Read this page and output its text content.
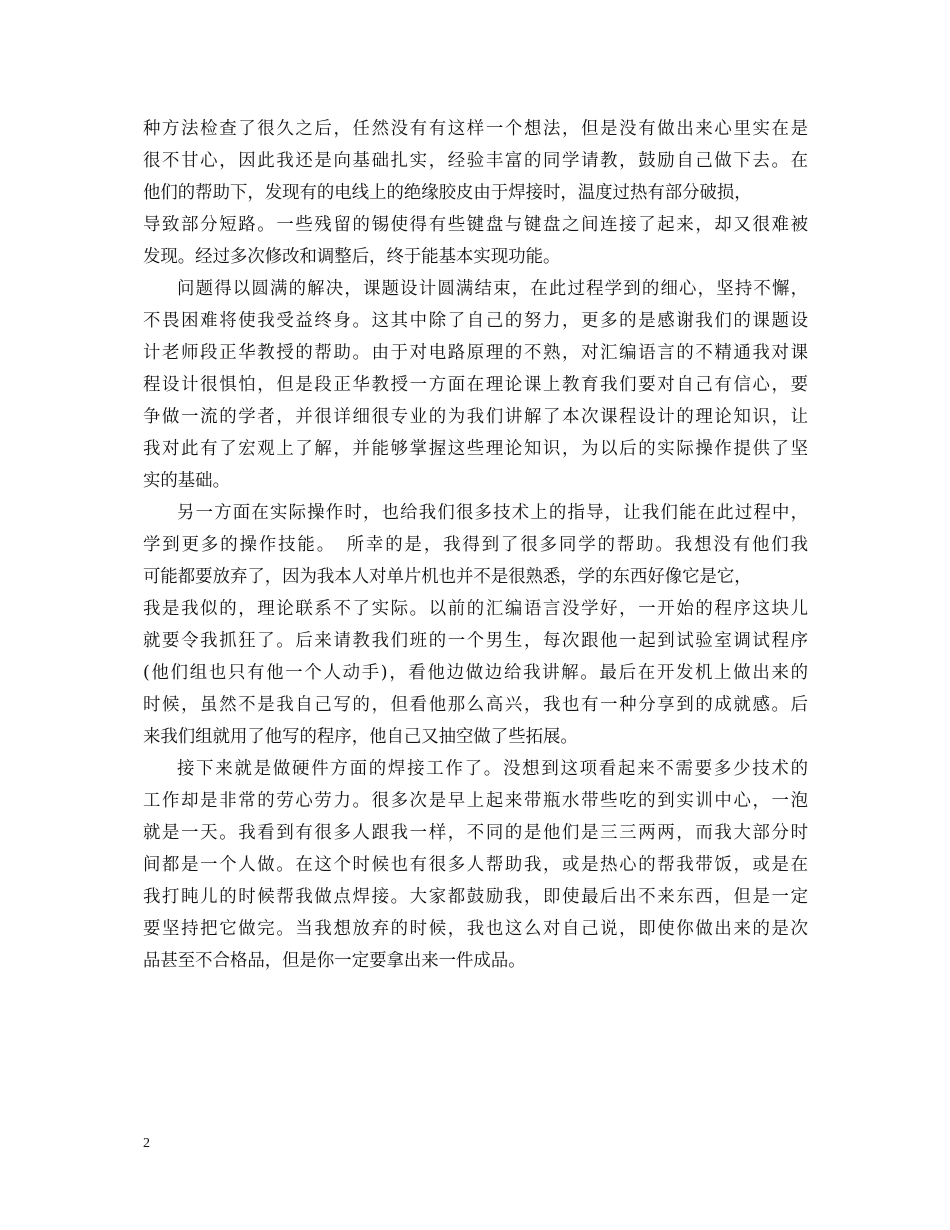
种方法检查了很久之后，任然没有有这样一个想法，但是没有做出来心里实在是
很不甘心，因此我还是向基础扎实，经验丰富的同学请教，鼓励自己做下去。在
他们的帮助下，发现有的电线上的绝缘胶皮由于焊接时，温度过热有部分破损，
导致部分短路。一些残留的锡使得有些键盘与键盘之间连接了起来，却又很难被
发现。经过多次修改和调整后，终于能基本实现功能。
问题得以圆满的解决，课题设计圆满结束，在此过程学到的细心，坚持不懈，
不畏困难将使我受益终身。这其中除了自己的努力，更多的是感谢我们的课题设
计老师段正华教授的帮助。由于对电路原理的不熟，对汇编语言的不精通我对课
程设计很惧怕，但是段正华教授一方面在理论课上教育我们要对自己有信心，要
争做一流的学者，并很详细很专业的为我们讲解了本次课程设计的理论知识，让
我对此有了宏观上了解，并能够掌握这些理论知识，为以后的实际操作提供了坚
实的基础。
另一方面在实际操作时，也给我们很多技术上的指导，让我们能在此过程中，
学到更多的操作技能。　所幸的是，我得到了很多同学的帮助。我想没有他们我
可能都要放弃了，因为我本人对单片机也并不是很熟悉，学的东西好像它是它，
我是我似的，理论联系不了实际。以前的汇编语言没学好，一开始的程序这块儿
就要令我抓狂了。后来请教我们班的一个男生，每次跟他一起到试验室调试程序
(他们组也只有他一个人动手)，看他边做边给我讲解。最后在开发机上做出来的
时候，虽然不是我自己写的，但看他那么高兴，我也有一种分享到的成就感。后
来我们组就用了他写的程序，他自己又抽空做了些拓展。
接下来就是做硬件方面的焊接工作了。没想到这项看起来不需要多少技术的
工作却是非常的劳心劳力。很多次是早上起来带瓶水带些吃的到实训中心，一泡
就是一天。我看到有很多人跟我一样，不同的是他们是三三两两，而我大部分时
间都是一个人做。在这个时候也有很多人帮助我，或是热心的帮我带饭，或是在
我打盹儿的时候帮我做点焊接。大家都鼓励我，即使最后出不来东西，但是一定
要坚持把它做完。当我想放弃的时候，我也这么对自己说，即使你做出来的是次
品甚至不合格品，但是你一定要拿出来一件成品。
2
